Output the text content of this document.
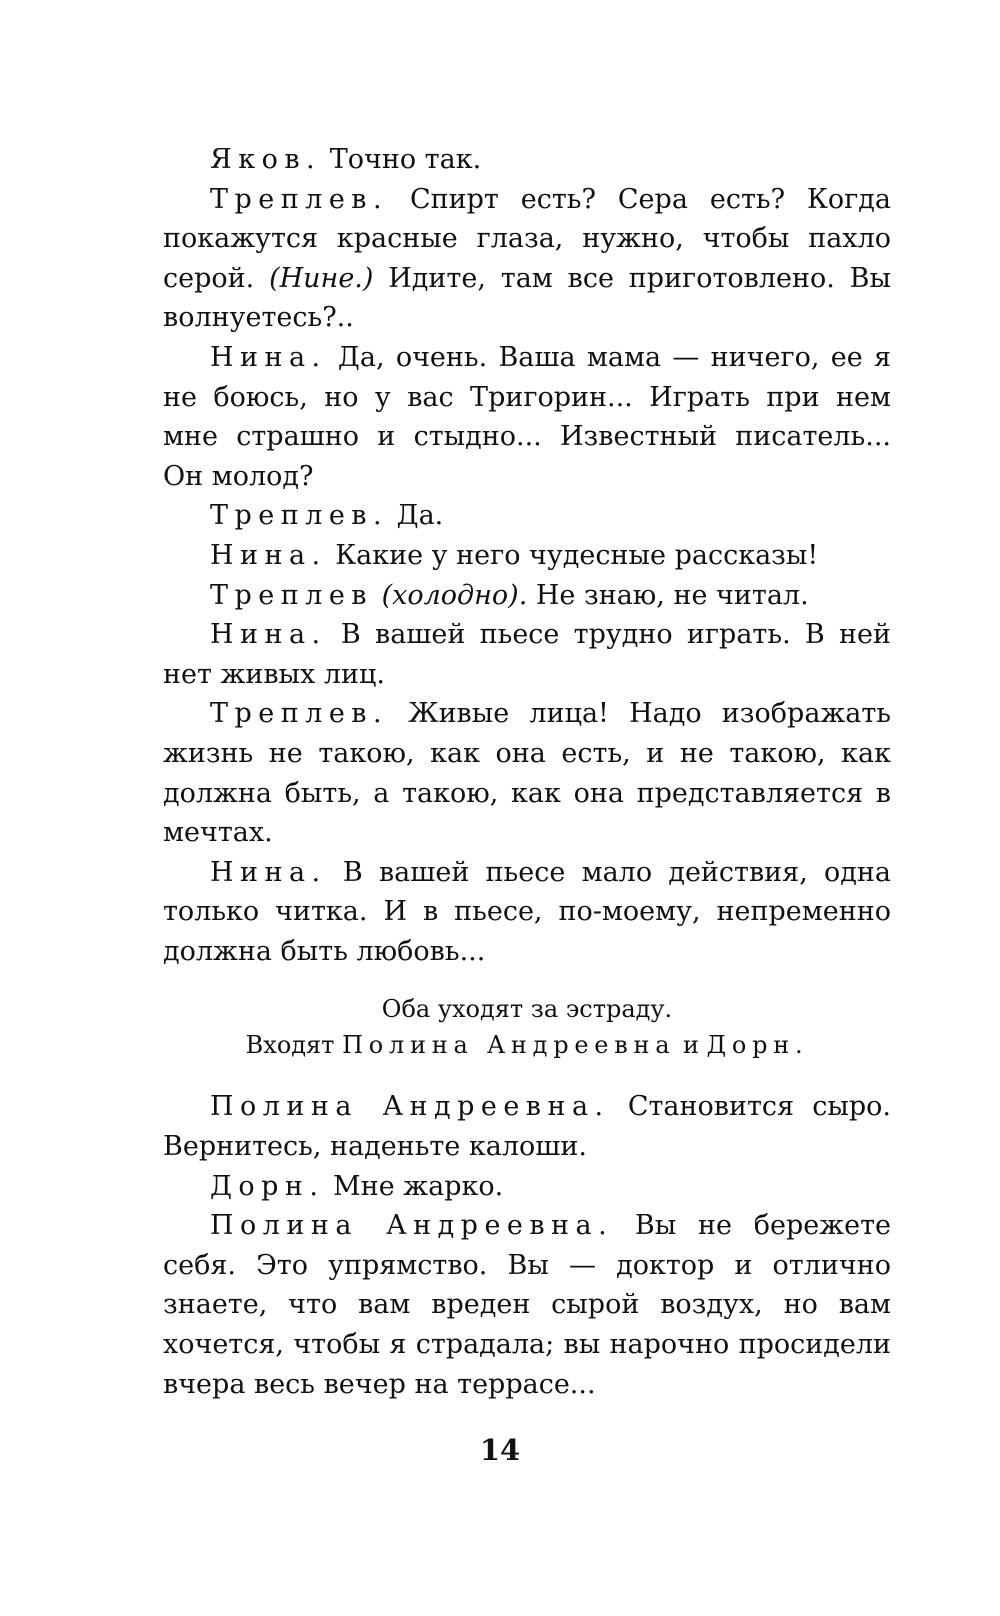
Яков. Точно так.

Треплев. Спирт есть? Сера есть? Когда покажутся красные глаза, нужно, чтобы пахло серой. (Нине.) Идите, там все приготовлено. Вы волнуетесь?..

Нина. Да, очень. Ваша мама — ничего, ее я не боюсь, но у вас Тригорин... Играть при нем мне страшно и стыдно... Известный писатель... Он молод?

Треплев. Да.

Нина. Какие у него чудесные рассказы!

Треплев (холодно). Не знаю, не читал.

Нина. В вашей пьесе трудно играть. В ней нет живых лиц.

Треплев. Живые лица! Надо изображать жизнь не такою, как она есть, и не такою, как должна быть, а такою, как она представляется в мечтах.

Нина. В вашей пьесе мало действия, одна только читка. И в пьесе, по-моему, непременно должна быть любовь...

Оба уходят за эстраду.
Входят Полина Андреевна и Дорн.

Полина Андреевна. Становится сыро. Вернитесь, наденьте калоши.

Дорн. Мне жарко.

Полина Андреевна. Вы не бережете себя. Это упрямство. Вы — доктор и отлично знаете, что вам вреден сырой воздух, но вам хочется, чтобы я страдала; вы нарочно просидели вчера весь вечер на террасе...

14
